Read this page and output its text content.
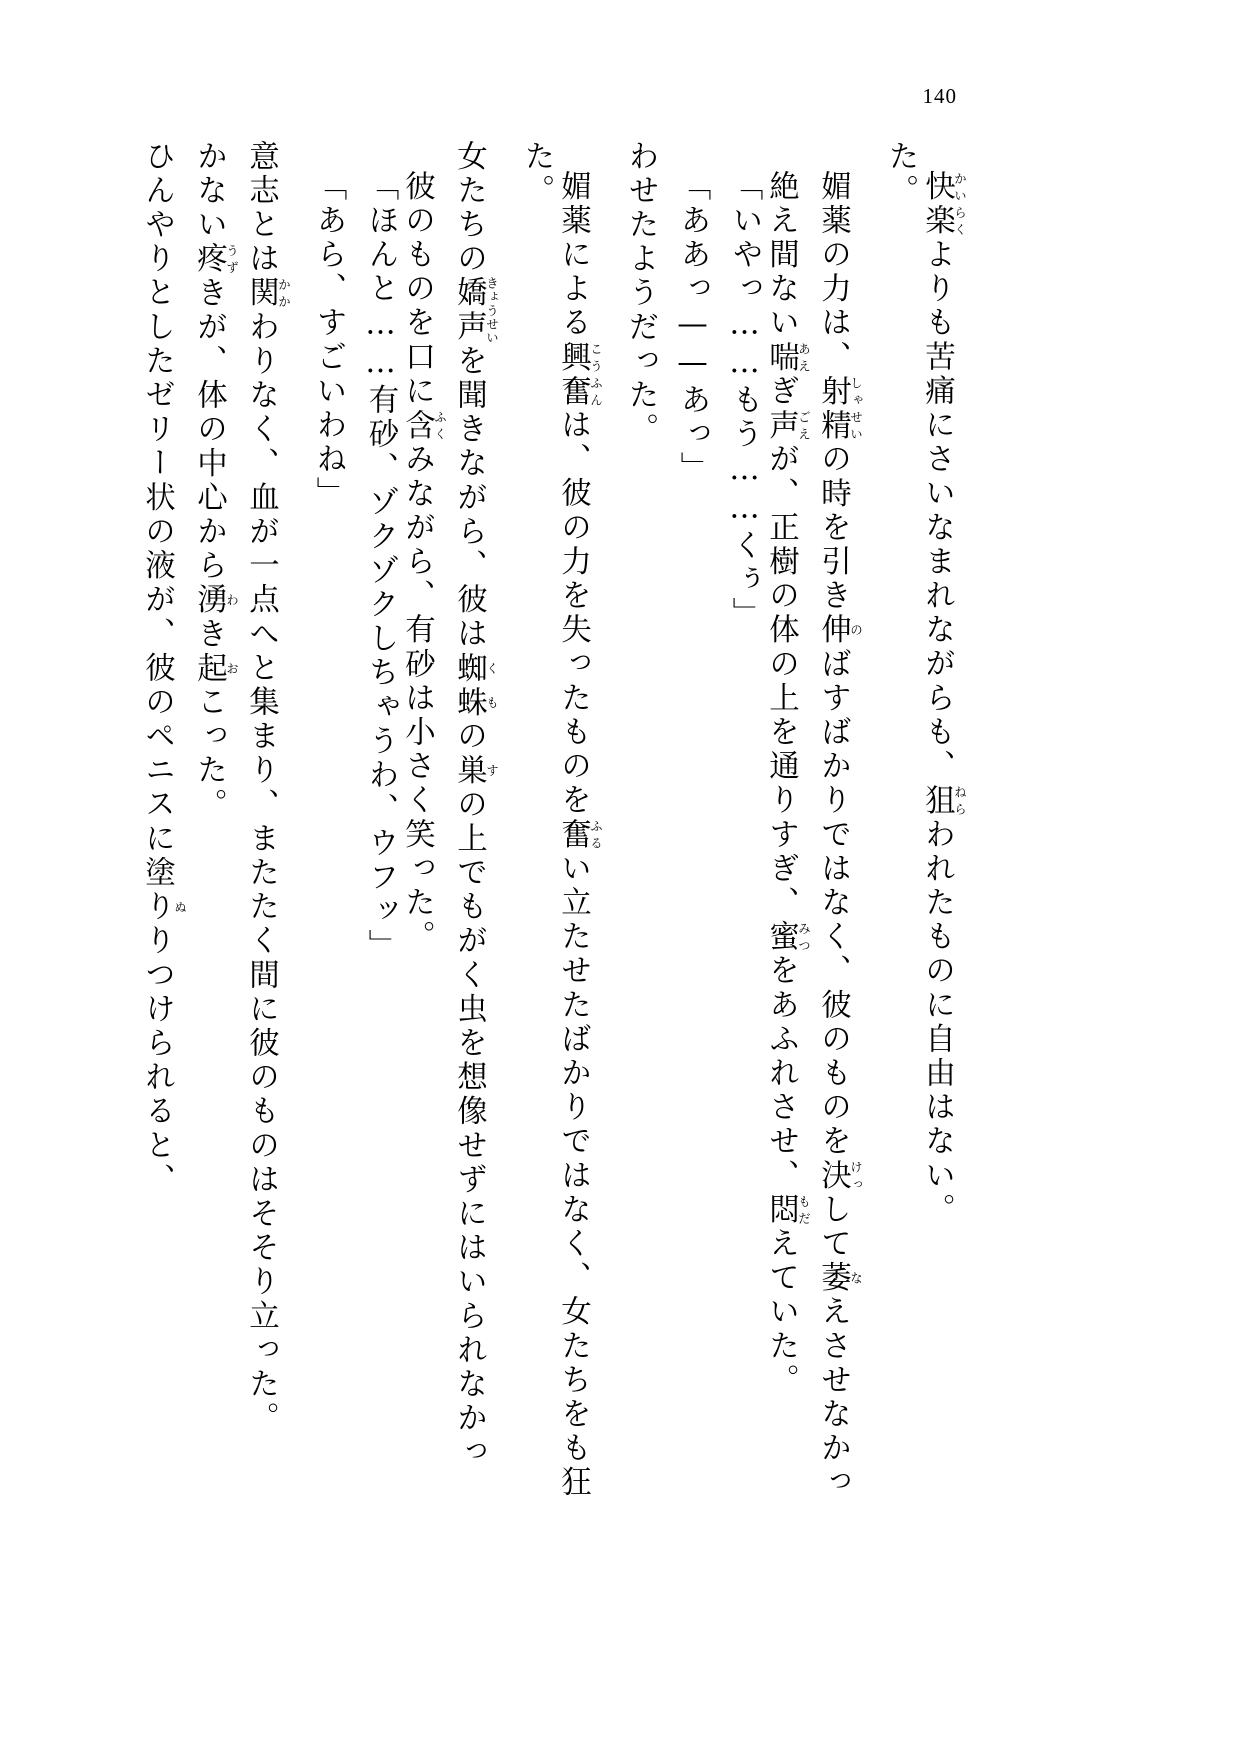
140
ひんやりとしたゼリー状の液が、彼のペニスに塗りぬりつけられると、
かない疼うずきが、体の中心から湧わき起おこった。
意志とは関かかわりなく、血が一点へと集まり、またたく間に彼のものはそそり立った。	「あら、すごいわね」 「ほんと……有砂、ゾクゾクしちゃうわ、ウフッ」 彼のものを口に含ふくみながら、有砂は小さく笑った。
女たちの嬌声きょうせいを聞きながら、彼は蜘蛛くもの巣すの上でもがく虫を想像せずにはいられなかっ
た。 媚薬による興奮こうふんは、彼の力を失ったものを奮ふるい立たせたばかりではなく、女たちをも狂
わせたようだった。 「ああっ——あっ」 「いやっ……もう……くぅ」 絶え間ない喘あえぎ声ごえが、正樹の体の上を通りすぎ、蜜みつをあふれさせ、悶もだえていた。
媚薬の力は、射精しゃせいの時を引き伸のばすばかりではなく、彼のものを決けっして萎なえさせなかっ
た。 快楽かいらくよりも苦痛にさいなまれながらも、狙ねらわれたものに自由はない。
